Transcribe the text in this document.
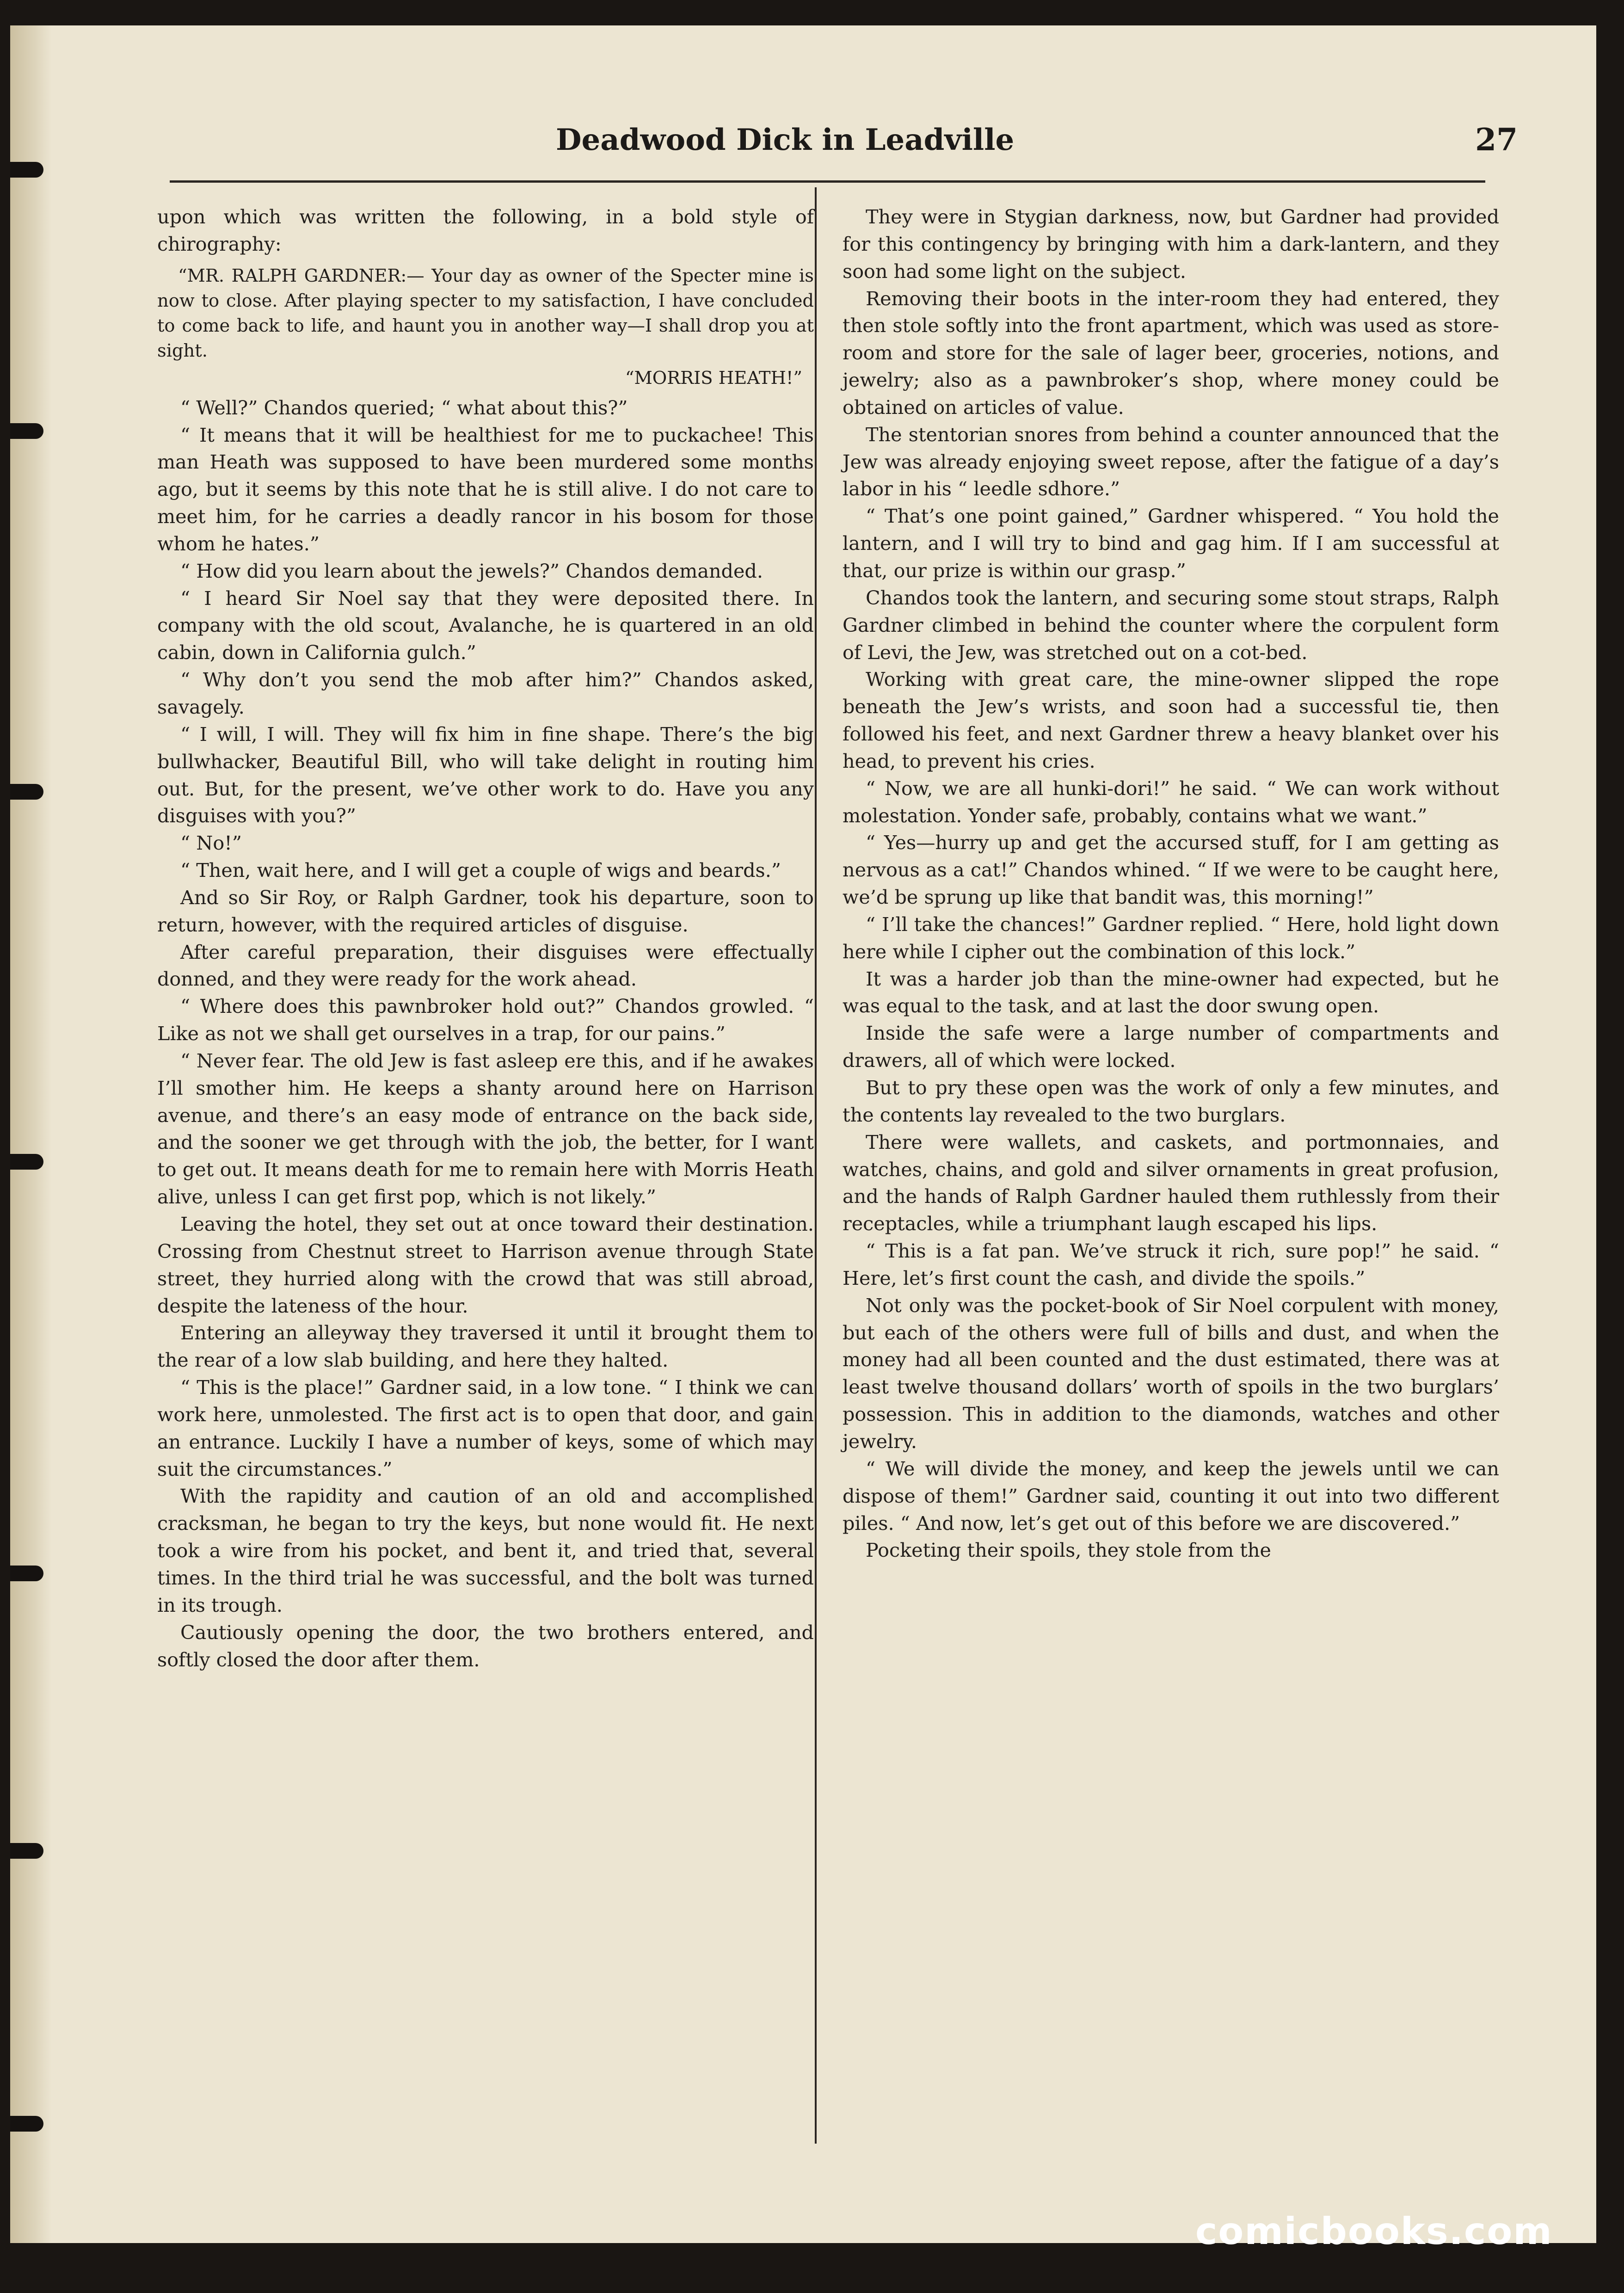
Deadwood Dick in Leadville	27

upon which was written the following, in a bold style of chirography:

“MR. RALPH GARDNER:— Your day as owner of the Specter mine is now to close. After playing specter to my satisfaction, I have concluded to come back to life, and haunt you in another way—I shall drop you at sight.

“MORRIS HEATH!”

“ Well?” Chandos queried; “ what about this?”

“ It means that it will be healthiest for me to puckachee! This man Heath was supposed to have been murdered some months ago, but it seems by this note that he is still alive. I do not care to meet him, for he carries a deadly rancor in his bosom for those whom he hates.”

“ How did you learn about the jewels?” Chandos demanded.

“ I heard Sir Noel say that they were deposited there. In company with the old scout, Avalanche, he is quartered in an old cabin, down in California gulch.”

“ Why don’t you send the mob after him?” Chandos asked, savagely.

“ I will, I will. They will fix him in fine shape. There’s the big bullwhacker, Beautiful Bill, who will take delight in routing him out. But, for the present, we’ve other work to do. Have you any disguises with you?”

“ No!”

“ Then, wait here, and I will get a couple of wigs and beards.”

And so Sir Roy, or Ralph Gardner, took his departure, soon to return, however, with the required articles of disguise.

After careful preparation, their disguises were effectually donned, and they were ready for the work ahead.

“ Where does this pawnbroker hold out?” Chandos growled. “ Like as not we shall get ourselves in a trap, for our pains.”

“ Never fear. The old Jew is fast asleep ere this, and if he awakes I’ll smother him. He keeps a shanty around here on Harrison avenue, and there’s an easy mode of entrance on the back side, and the sooner we get through with the job, the better, for I want to get out. It means death for me to remain here with Morris Heath alive, unless I can get first pop, which is not likely.”

Leaving the hotel, they set out at once toward their destination. Crossing from Chestnut street to Harrison avenue through State street, they hurried along with the crowd that was still abroad, despite the lateness of the hour.

Entering an alleyway they traversed it until it brought them to the rear of a low slab building, and here they halted.

“ This is the place!” Gardner said, in a low tone. “ I think we can work here, unmolested. The first act is to open that door, and gain an entrance. Luckily I have a number of keys, some of which may suit the circumstances.”

With the rapidity and caution of an old and accomplished cracksman, he began to try the keys, but none would fit. He next took a wire from his pocket, and bent it, and tried that, several times. In the third trial he was successful, and the bolt was turned in its trough.

Cautiously opening the door, the two brothers entered, and softly closed the door after them.

They were in Stygian darkness, now, but Gardner had provided for this contingency by bringing with him a dark-lantern, and they soon had some light on the subject.

Removing their boots in the inter-room they had entered, they then stole softly into the front apartment, which was used as store-room and store for the sale of lager beer, groceries, notions, and jewelry; also as a pawnbroker’s shop, where money could be obtained on articles of value.

The stentorian snores from behind a counter announced that the Jew was already enjoying sweet repose, after the fatigue of a day’s labor in his “ leedle sdhore.”

“ That’s one point gained,” Gardner whispered. “ You hold the lantern, and I will try to bind and gag him. If I am successful at that, our prize is within our grasp.”

Chandos took the lantern, and securing some stout straps, Ralph Gardner climbed in behind the counter where the corpulent form of Levi, the Jew, was stretched out on a cot-bed.

Working with great care, the mine-owner slipped the rope beneath the Jew’s wrists, and soon had a successful tie, then followed his feet, and next Gardner threw a heavy blanket over his head, to prevent his cries.

“ Now, we are all hunki-dori!” he said. “ We can work without molestation. Yonder safe, probably, contains what we want.”

“ Yes—hurry up and get the accursed stuff, for I am getting as nervous as a cat!” Chandos whined. “ If we were to be caught here, we’d be sprung up like that bandit was, this morning!”

“ I’ll take the chances!” Gardner replied. “ Here, hold light down here while I cipher out the combination of this lock.”

It was a harder job than the mine-owner had expected, but he was equal to the task, and at last the door swung open.

Inside the safe were a large number of compartments and drawers, all of which were locked.

But to pry these open was the work of only a few minutes, and the contents lay revealed to the two burglars.

There were wallets, and caskets, and portmonnaies, and watches, chains, and gold and silver ornaments in great profusion, and the hands of Ralph Gardner hauled them ruthlessly from their receptacles, while a triumphant laugh escaped his lips.

“ This is a fat pan. We’ve struck it rich, sure pop!” he said. “ Here, let’s first count the cash, and divide the spoils.”

Not only was the pocket-book of Sir Noel corpulent with money, but each of the others were full of bills and dust, and when the money had all been counted and the dust estimated, there was at least twelve thousand dollars’ worth of spoils in the two burglars’ possession. This in addition to the diamonds, watches and other jewelry.

“ We will divide the money, and keep the jewels until we can dispose of them!” Gardner said, counting it out into two different piles. “ And now, let’s get out of this before we are discovered.”

Pocketing their spoils, they stole from the

comicbooks.com
